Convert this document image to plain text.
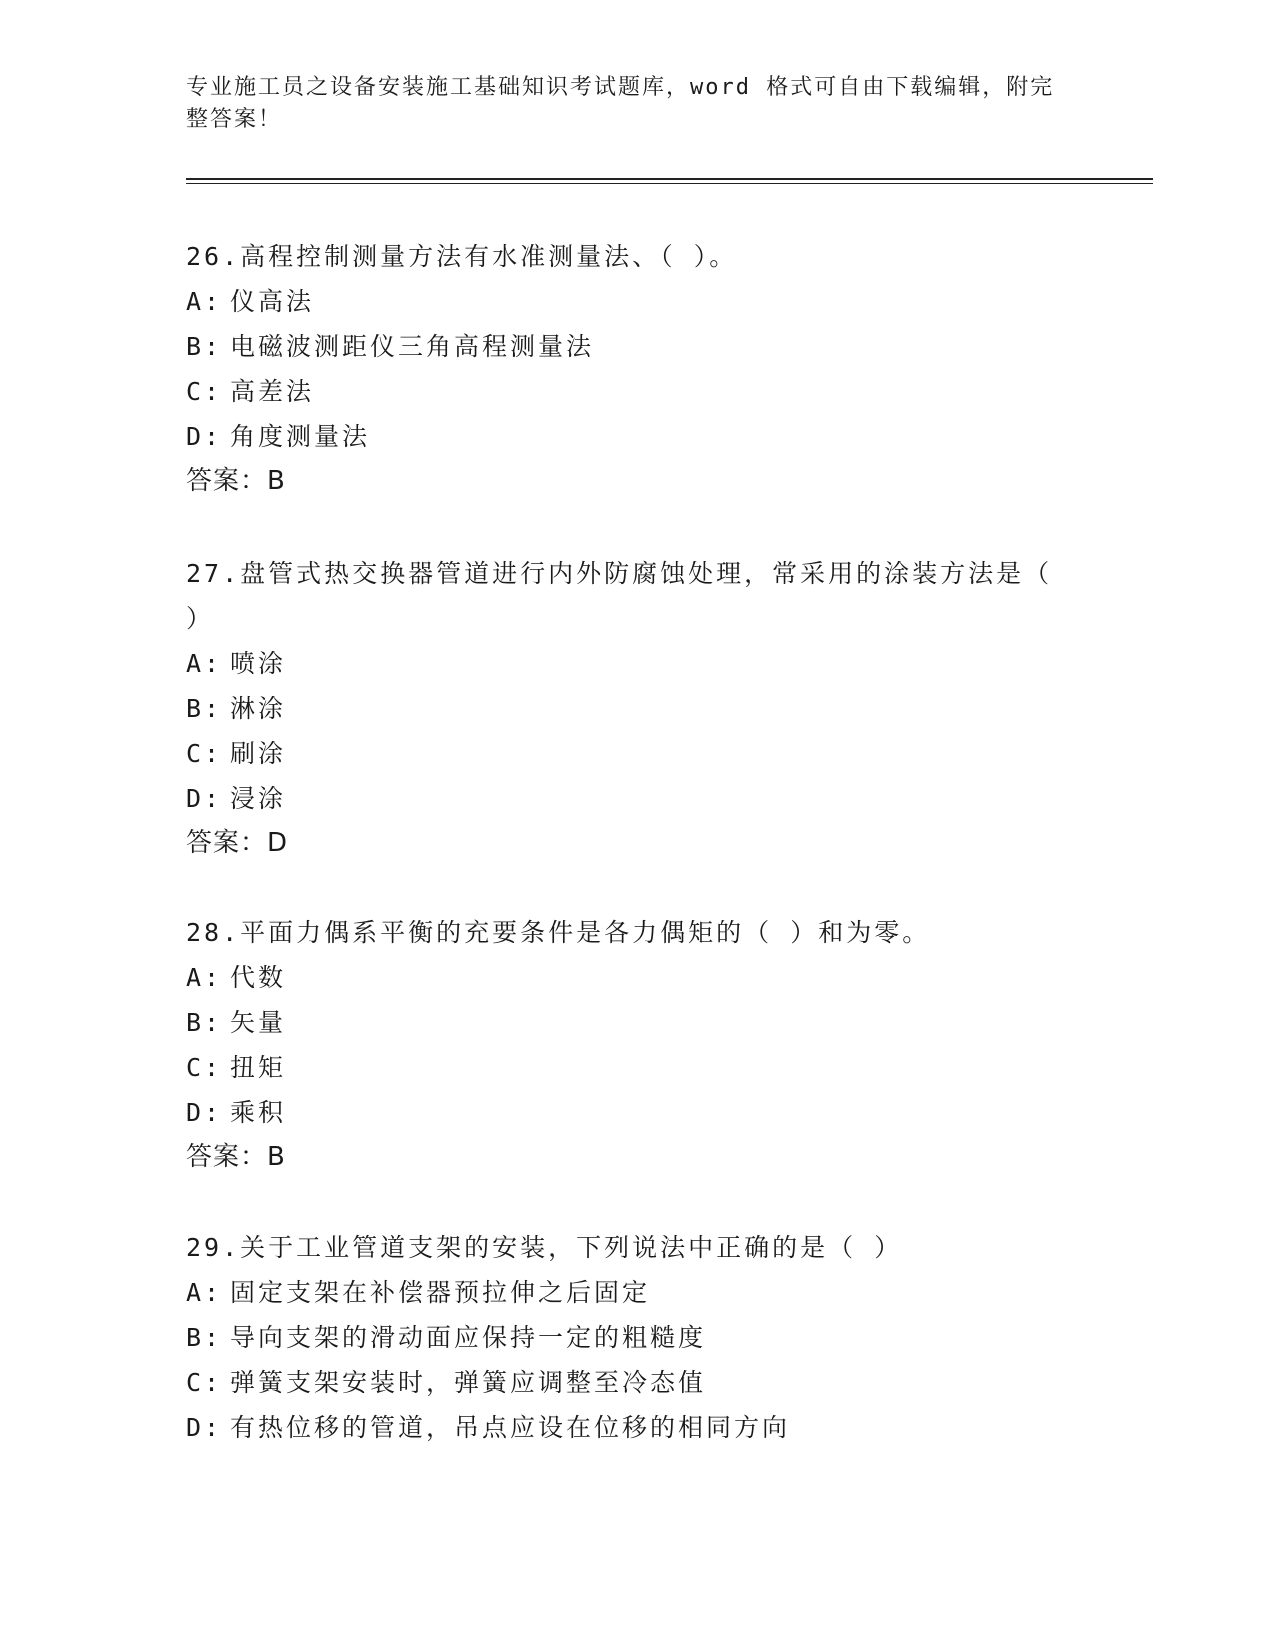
专业施工员之设备安装施工基础知识考试题库，word 格式可自由下载编辑，附完整答案！
26.高程控制测量方法有水准测量法、（ ）。
A: 仪高法
B: 电磁波测距仪三角高程测量法
C: 高差法
D: 角度测量法
答案：B
27.盘管式热交换器管道进行内外防腐蚀处理，常采用的涂装方法是（ ）
A: 喷涂
B: 淋涂
C: 刷涂
D: 浸涂
答案：D
28.平面力偶系平衡的充要条件是各力偶矩的（ ）和为零。
A: 代数
B: 矢量
C: 扭矩
D: 乘积
答案：B
29.关于工业管道支架的安装，下列说法中正确的是（ ）
A: 固定支架在补偿器预拉伸之后固定
B: 导向支架的滑动面应保持一定的粗糙度
C: 弹簧支架安装时，弹簧应调整至冷态值
D: 有热位移的管道，吊点应设在位移的相同方向
